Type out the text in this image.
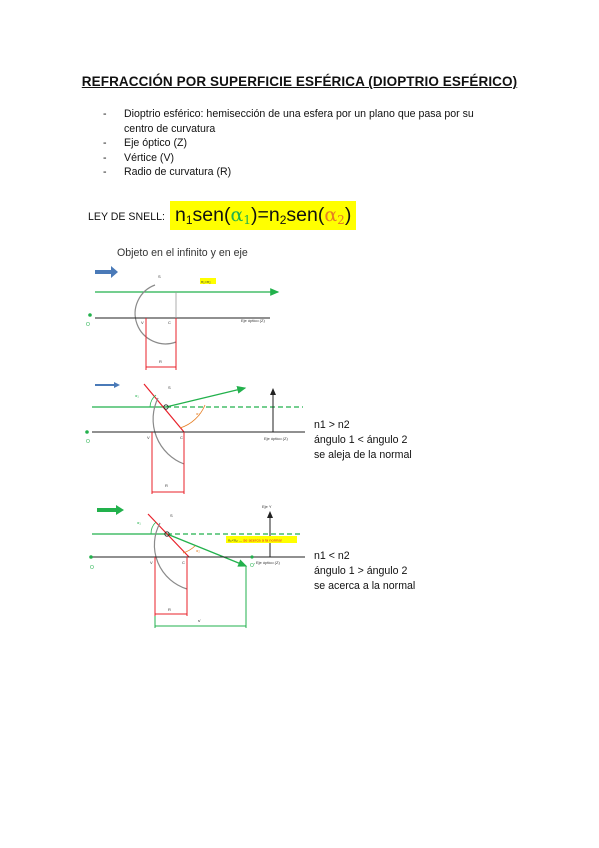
REFRACCIÓN POR SUPERFICIE ESFÉRICA (DIOPTRIO ESFÉRICO)
- Dioptrio esférico: hemisección de una esfera por un plano que pasa por su centro de curvatura
- Eje óptico (Z)
- Vértice (V)
- Radio de curvatura (R)
LEY DE SNELL: $n_1sen(\alpha_1)=n_2sen(\alpha_2)$
Objeto en el infinito y en eje
O	V	C
S
R
Eje óptico (Z)
n₁=n₂
O
V	C
S
R
Eje óptico (Z)
α₁
α₂
O	O'
V	C
S
R
s'
Eje óptico (Z)
Eje Y
α₁
α₂
n₁<n₂ ... se acerca a la normal
n1 > n2
ángulo 1 < ángulo 2
se aleja de la normal
n1 < n2
ángulo 1 > ángulo 2
se acerca a la normal
